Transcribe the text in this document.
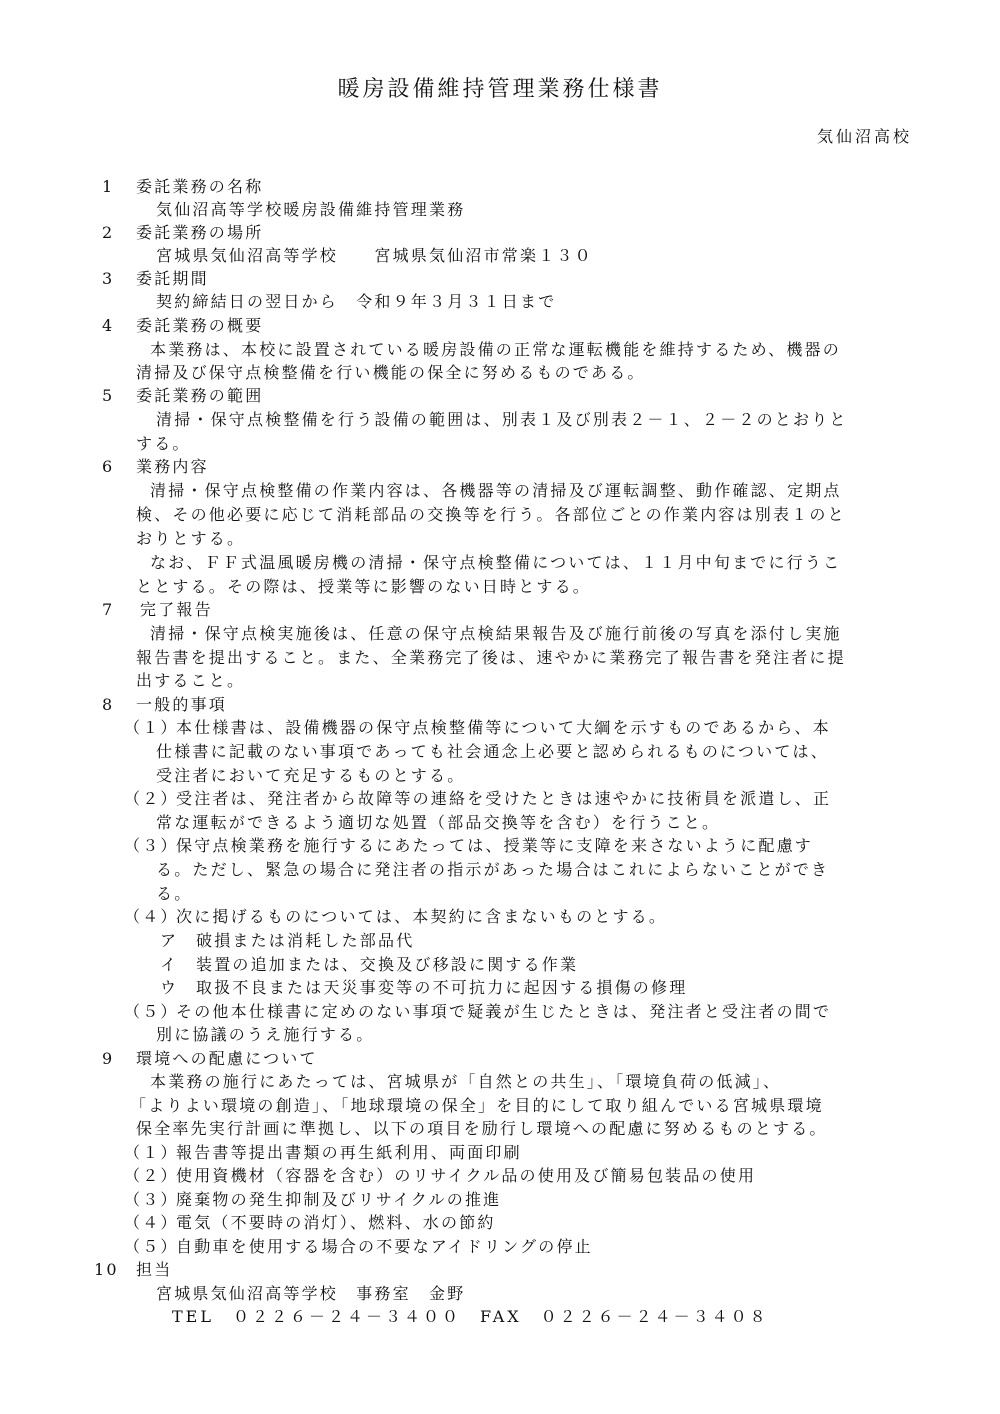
暖房設備維持管理業務仕様書
気仙沼高校
1 委託業務の名称
気仙沼高等学校暖房設備維持管理業務
2 委託業務の場所
宮城県気仙沼高等学校　　宮城県気仙沼市常楽１３０
3 委託期間
契約締結日の翌日から　令和９年３月３１日まで
4 委託業務の概要
本業務は、本校に設置されている暖房設備の正常な運転機能を維持するため、機器の
清掃及び保守点検整備を行い機能の保全に努めるものである。
5 委託業務の範囲
清掃・保守点検整備を行う設備の範囲は、別表１及び別表２－１、２－２のとおりと
する。
6 業務内容
清掃・保守点検整備の作業内容は、各機器等の清掃及び運転調整、動作確認、定期点
検、その他必要に応じて消耗部品の交換等を行う。各部位ごとの作業内容は別表１のと
おりとする。
なお、ＦＦ式温風暖房機の清掃・保守点検整備については、１１月中旬までに行うこ
ととする。その際は、授業等に影響のない日時とする。
7 完了報告
清掃・保守点検実施後は、任意の保守点検結果報告及び施行前後の写真を添付し実施
報告書を提出すること。また、全業務完了後は、速やかに業務完了報告書を発注者に提
出すること。
8 一般的事項
（１）
本仕様書は、設備機器の保守点検整備等について大綱を示すものであるから、本
仕様書に記載のない事項であっても社会通念上必要と認められるものについては、
受注者において充足するものとする。
（２）
受注者は、発注者から故障等の連絡を受けたときは速やかに技術員を派遣し、正
常な運転ができるよう適切な処置（部品交換等を含む）を行うこと。
（３）
保守点検業務を施行するにあたっては、授業等に支障を来さないように配慮す
る。ただし、緊急の場合に発注者の指示があった場合はこれによらないことができ
る。
（４）
次に掲げるものについては、本契約に含まないものとする。
ア 破損または消耗した部品代
イ 装置の追加または、交換及び移設に関する作業
ウ 取扱不良または天災事変等の不可抗力に起因する損傷の修理
（５）
その他本仕様書に定めのない事項で疑義が生じたときは、発注者と受注者の間で
別に協議のうえ施行する。
9 環境への配慮について
本業務の施行にあたっては、宮城県が「自然との共生」、「環境負荷の低減」、
「よりよい環境の創造」、「地球環境の保全」を目的にして取り組んでいる宮城県環境
保全率先実行計画に準拠し、以下の項目を励行し環境への配慮に努めるものとする。
（１）
報告書等提出書類の再生紙利用、両面印刷
（２）
使用資機材（容器を含む）のリサイクル品の使用及び簡易包装品の使用
（３）
廃棄物の発生抑制及びリサイクルの推進
（４）
電気（不要時の消灯）、燃料、水の節約
（５）
自動車を使用する場合の不要なアイドリングの停止
10 担当
宮城県気仙沼高等学校　事務室　金野
TEL　０２２６－２４－３４００　FAX　０２２６－２４－３４０８
